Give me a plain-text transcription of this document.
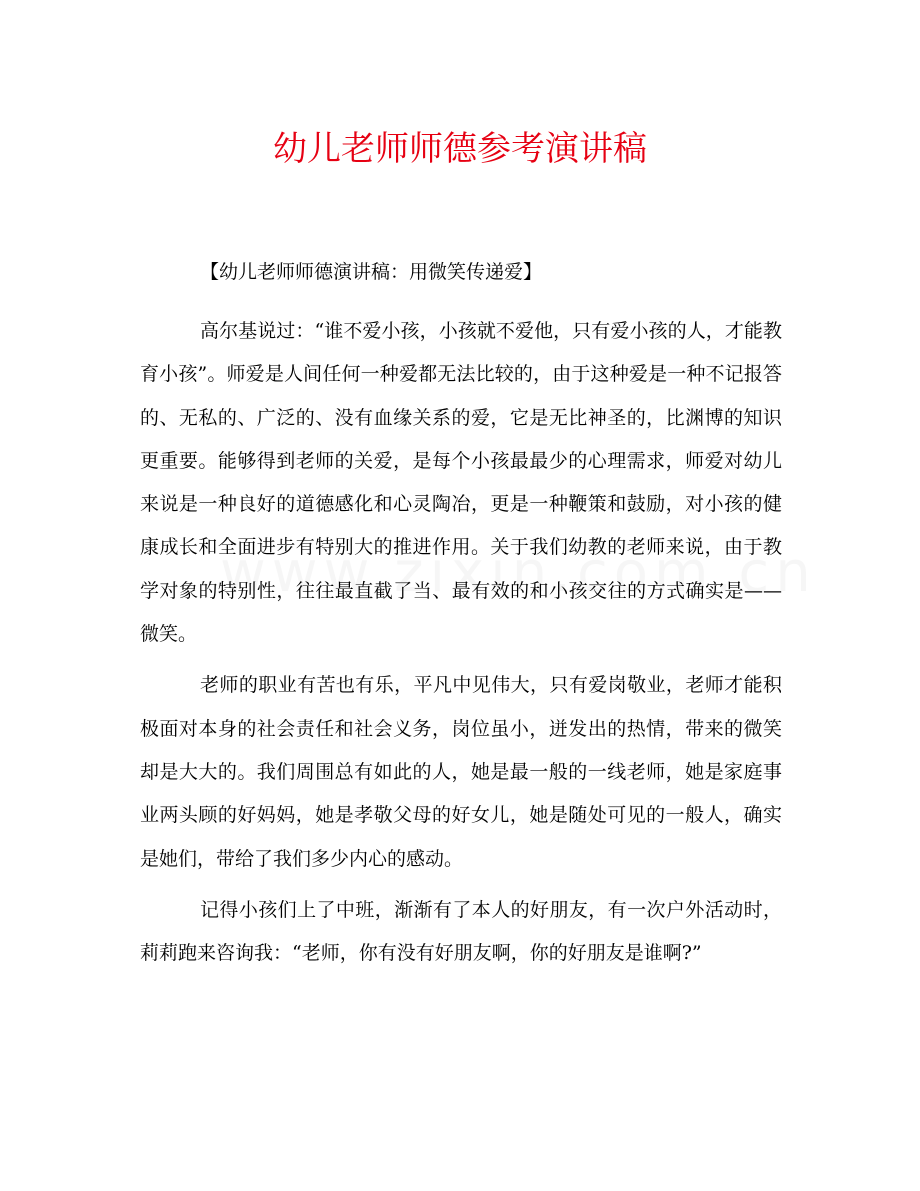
幼儿老师师德参考演讲稿

【幼儿老师师德演讲稿：用微笑传递爱】

高尔基说过：“谁不爱小孩，小孩就不爱他，只有爱小孩的人，才能教育小孩”。师爱是人间任何一种爱都无法比较的，由于这种爱是一种不记报答的、无私的、广泛的、没有血缘关系的爱，它是无比神圣的，比渊博的知识更重要。能够得到老师的关爱，是每个小孩最最少的心理需求，师爱对幼儿来说是一种良好的道德感化和心灵陶冶，更是一种鞭策和鼓励，对小孩的健康成长和全面进步有特别大的推进作用。关于我们幼教的老师来说，由于教学对象的特别性，往往最直截了当、最有效的和小孩交往的方式确实是——微笑。

老师的职业有苦也有乐，平凡中见伟大，只有爱岗敬业，老师才能积极面对本身的社会责任和社会义务，岗位虽小，迸发出的热情，带来的微笑却是大大的。我们周围总有如此的人，她是最一般的一线老师，她是家庭事业两头顾的好妈妈，她是孝敬父母的好女儿，她是随处可见的一般人，确实是她们，带给了我们多少内心的感动。

记得小孩们上了中班，渐渐有了本人的好朋友，有一次户外活动时，莉莉跑来咨询我：“老师，你有没有好朋友啊，你的好朋友是谁啊?”
